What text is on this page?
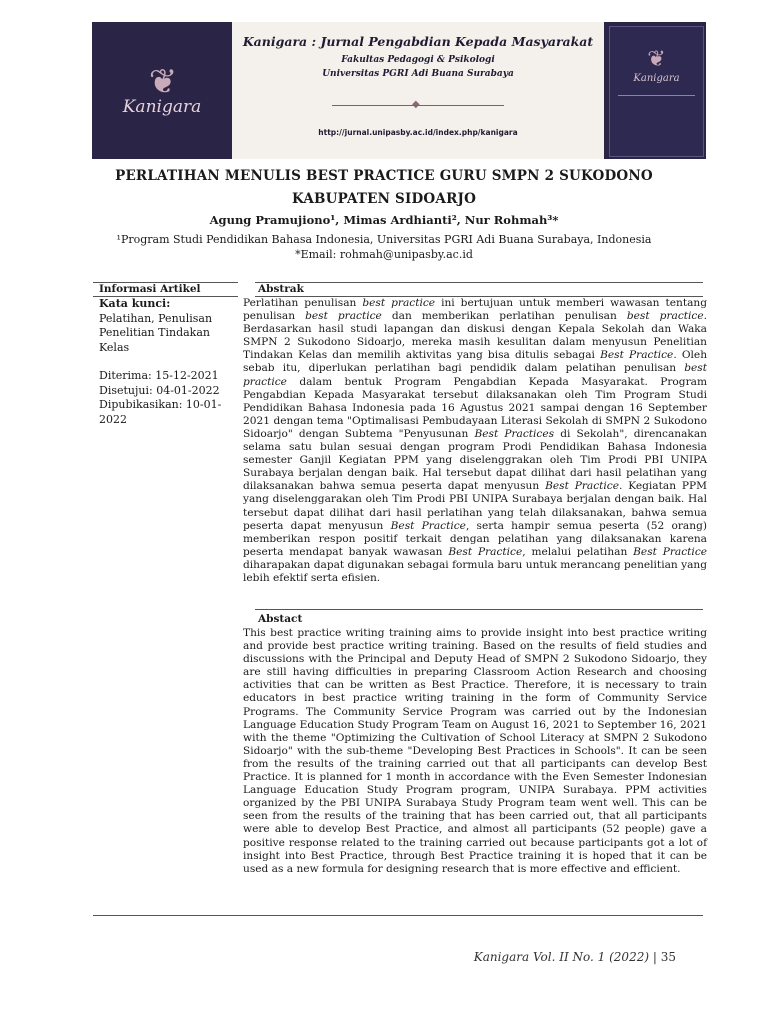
❦
Kanigara
Kanigara : Jurnal Pengabdian Kepada Masyarakat
Fakultas Pedagogi & Psikologi
Universitas PGRI Adi Buana Surabaya
◆
http://jurnal.unipasby.ac.id/index.php/kanigara
❦
Kanigara
PERLATIHAN MENULIS BEST PRACTICE GURU SMPN 2 SUKODONO
KABUPATEN SIDOARJO
Agung Pramujiono¹, Mimas Ardhianti², Nur Rohmah³*
¹Program Studi Pendidikan Bahasa Indonesia, Universitas PGRI Adi Buana Surabaya, Indonesia
*Email: rohmah@unipasby.ac.id
Informasi Artikel	Abstrak
Kata kunci:
Pelatihan, Penulisan Penelitian Tindakan Kelas
Diterima: 15-12-2021
Disetujui: 04-01-2022
Dipubikasikan: 10-01-2022
Perlatihan penulisan best practice ini bertujuan untuk memberi wawasan tentang penulisan best practice dan memberikan perlatihan penulisan best practice. Berdasarkan hasil studi lapangan dan diskusi dengan Kepala Sekolah dan Waka SMPN 2 Sukodono Sidoarjo, mereka masih kesulitan dalam menyusun Penelitian Tindakan Kelas dan memilih aktivitas yang bisa ditulis sebagai Best Practice. Oleh sebab itu, diperlukan perlatihan bagi pendidik dalam pelatihan penulisan best practice dalam bentuk Program Pengabdian Kepada Masyarakat. Program Pengabdian Kepada Masyarakat tersebut dilaksanakan oleh Tim Program Studi Pendidikan Bahasa Indonesia pada 16 Agustus 2021 sampai dengan 16 September 2021 dengan tema "Optimalisasi Pembudayaan Literasi Sekolah di SMPN 2 Sukodono Sidoarjo" dengan Subtema "Penyusunan Best Practices di Sekolah", direncanakan selama satu bulan sesuai dengan program Prodi Pendidikan Bahasa Indonesia semester Ganjil Kegiatan PPM yang diselenggrakan oleh Tim Prodi PBI UNIPA Surabaya berjalan dengan baik. Hal tersebut dapat dilihat dari hasil pelatihan yang dilaksanakan bahwa semua peserta dapat menyusun Best Practice. Kegiatan PPM yang diselenggarakan oleh Tim Prodi PBI UNIPA Surabaya berjalan dengan baik. Hal tersebut dapat dilihat dari hasil perlatihan yang telah dilaksanakan, bahwa semua peserta dapat menyusun Best Practice, serta hampir semua peserta (52 orang) memberikan respon positif terkait dengan pelatihan yang dilaksanakan karena peserta mendapat banyak wawasan Best Practice, melalui pelatihan Best Practice diharapakan dapat digunakan sebagai formula baru untuk merancang penelitian yang lebih efektif serta efisien.
Abstact
This best practice writing training aims to provide insight into best practice writing and provide best practice writing training. Based on the results of field studies and discussions with the Principal and Deputy Head of SMPN 2 Sukodono Sidoarjo, they are still having difficulties in preparing Classroom Action Research and choosing activities that can be written as Best Practice. Therefore, it is necessary to train educators in best practice writing training in the form of Community Service Programs. The Community Service Program was carried out by the Indonesian Language Education Study Program Team on August 16, 2021 to September 16, 2021 with the theme "Optimizing the Cultivation of School Literacy at SMPN 2 Sukodono Sidoarjo" with the sub-theme "Developing Best Practices in Schools". It can be seen from the results of the training carried out that all participants can develop Best Practice. It is planned for 1 month in accordance with the Even Semester Indonesian Language Education Study Program program, UNIPA Surabaya. PPM activities organized by the PBI UNIPA Surabaya Study Program team went well. This can be seen from the results of the training that has been carried out, that all participants were able to develop Best Practice, and almost all participants (52 people) gave a positive response related to the training carried out because participants got a lot of insight into Best Practice, through Best Practice training it is hoped that it can be used as a new formula for designing research that is more effective and efficient.
Kanigara Vol. II No. 1 (2022) | 35
